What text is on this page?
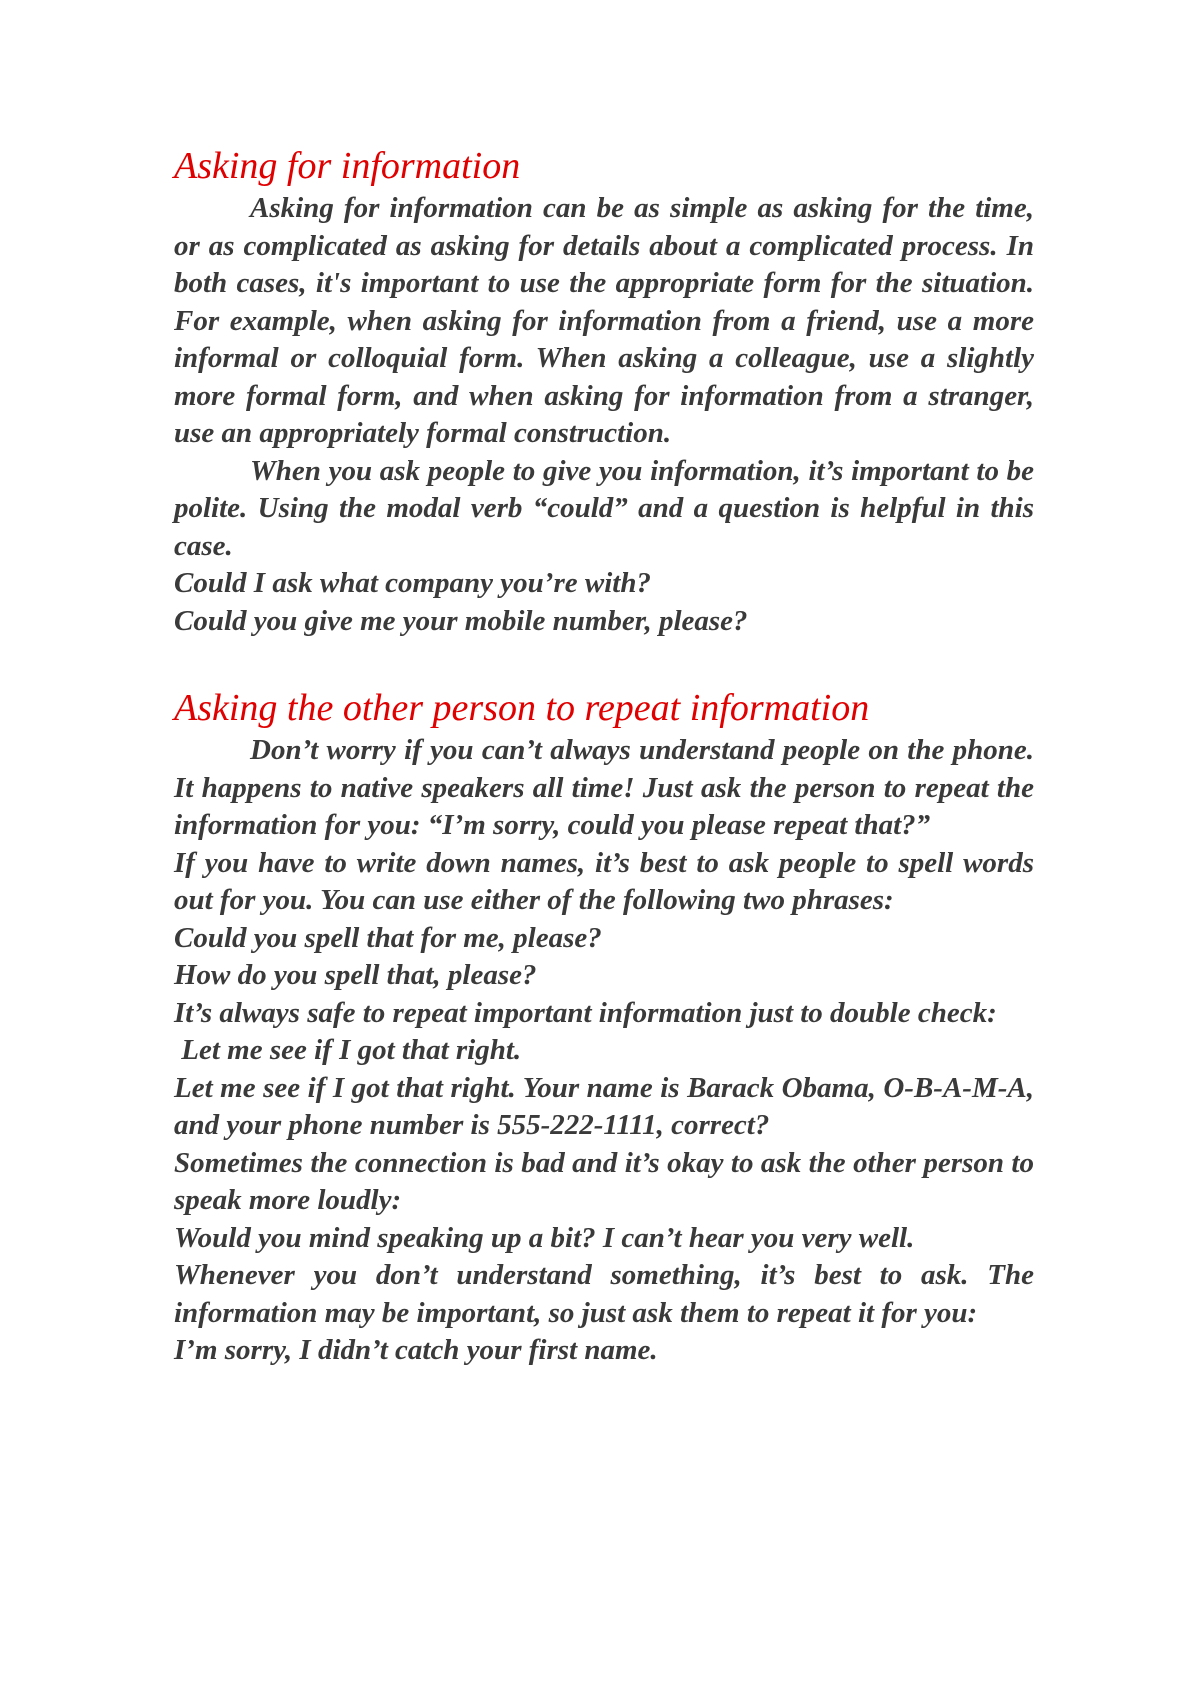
Asking for information

Asking for information can be as simple as asking for the time, or as complicated as asking for details about a complicated process. In both cases, it's important to use the appropriate form for the situation. For example, when asking for information from a friend, use a more informal or colloquial form. When asking a colleague, use a slightly more formal form, and when asking for information from a stranger, use an appropriately formal construction.

When you ask people to give you information, it’s important to be polite. Using the modal verb “could” and a question is helpful in this case.

Could I ask what company you’re with?

Could you give me your mobile number, please?

Asking the other person to repeat information

Don’t worry if you can’t always understand people on the phone. It happens to native speakers all time! Just ask the person to repeat the information for you: “I’m sorry, could you please repeat that?”

If you have to write down names, it’s best to ask people to spell words out for you. You can use either of the following two phrases:

Could you spell that for me, please?

How do you spell that, please?

It’s always safe to repeat important information just to double check:

Let me see if I got that right.

Let me see if I got that right. Your name is Barack Obama, O-B-A-M-A, and your phone number is 555-222-1111, correct?

Sometimes the connection is bad and it’s okay to ask the other person to speak more loudly:

Would you mind speaking up a bit? I can’t hear you very well.

Whenever you don’t understand something, it’s best to ask. The information may be important, so just ask them to repeat it for you:

I’m sorry, I didn’t catch your first name.
